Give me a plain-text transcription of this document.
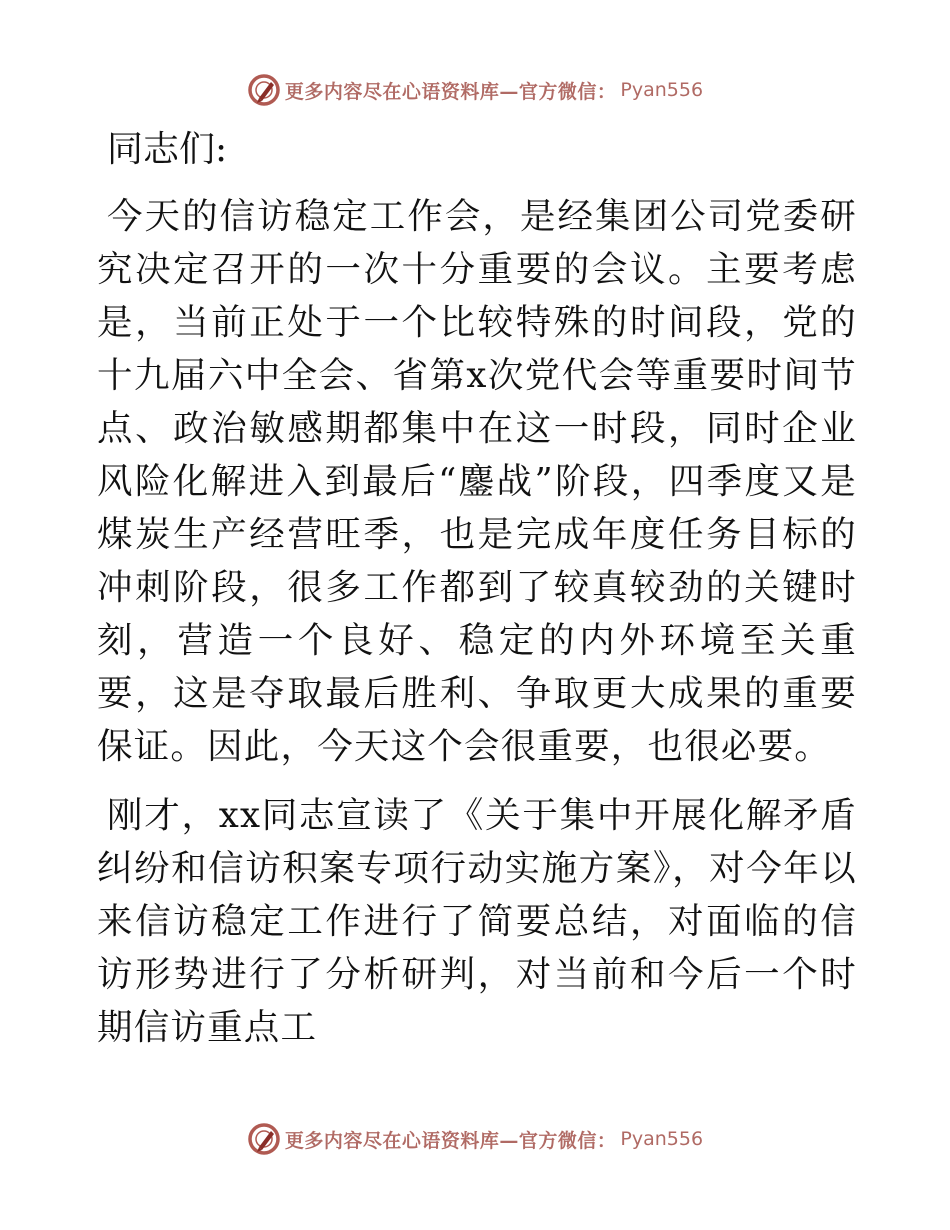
更多内容尽在心语资料库—官方微信： Pyan556
同志们:

今天的信访稳定工作会，是经集团公司党委研究决定召开的一次十分重要的会议。主要考虑是，当前正处于一个比较特殊的时间段，党的十九届六中全会、省第x次党代会等重要时间节点、政治敏感期都集中在这一时段，同时企业风险化解进入到最后“鏖战”阶段，四季度又是煤炭生产经营旺季，也是完成年度任务目标的冲刺阶段，很多工作都到了较真较劲的关键时刻，营造一个良好、稳定的内外环境至关重要，这是夺取最后胜利、争取更大成果的重要保证。因此，今天这个会很重要，也很必要。

刚才，xx同志宣读了《关于集中开展化解矛盾纠纷和信访积案专项行动实施方案》，对今年以来信访稳定工作进行了简要总结，对面临的信访形势进行了分析研判，对当前和今后一个时期信访重点工

更多内容尽在心语资料库—官方微信： Pyan556
